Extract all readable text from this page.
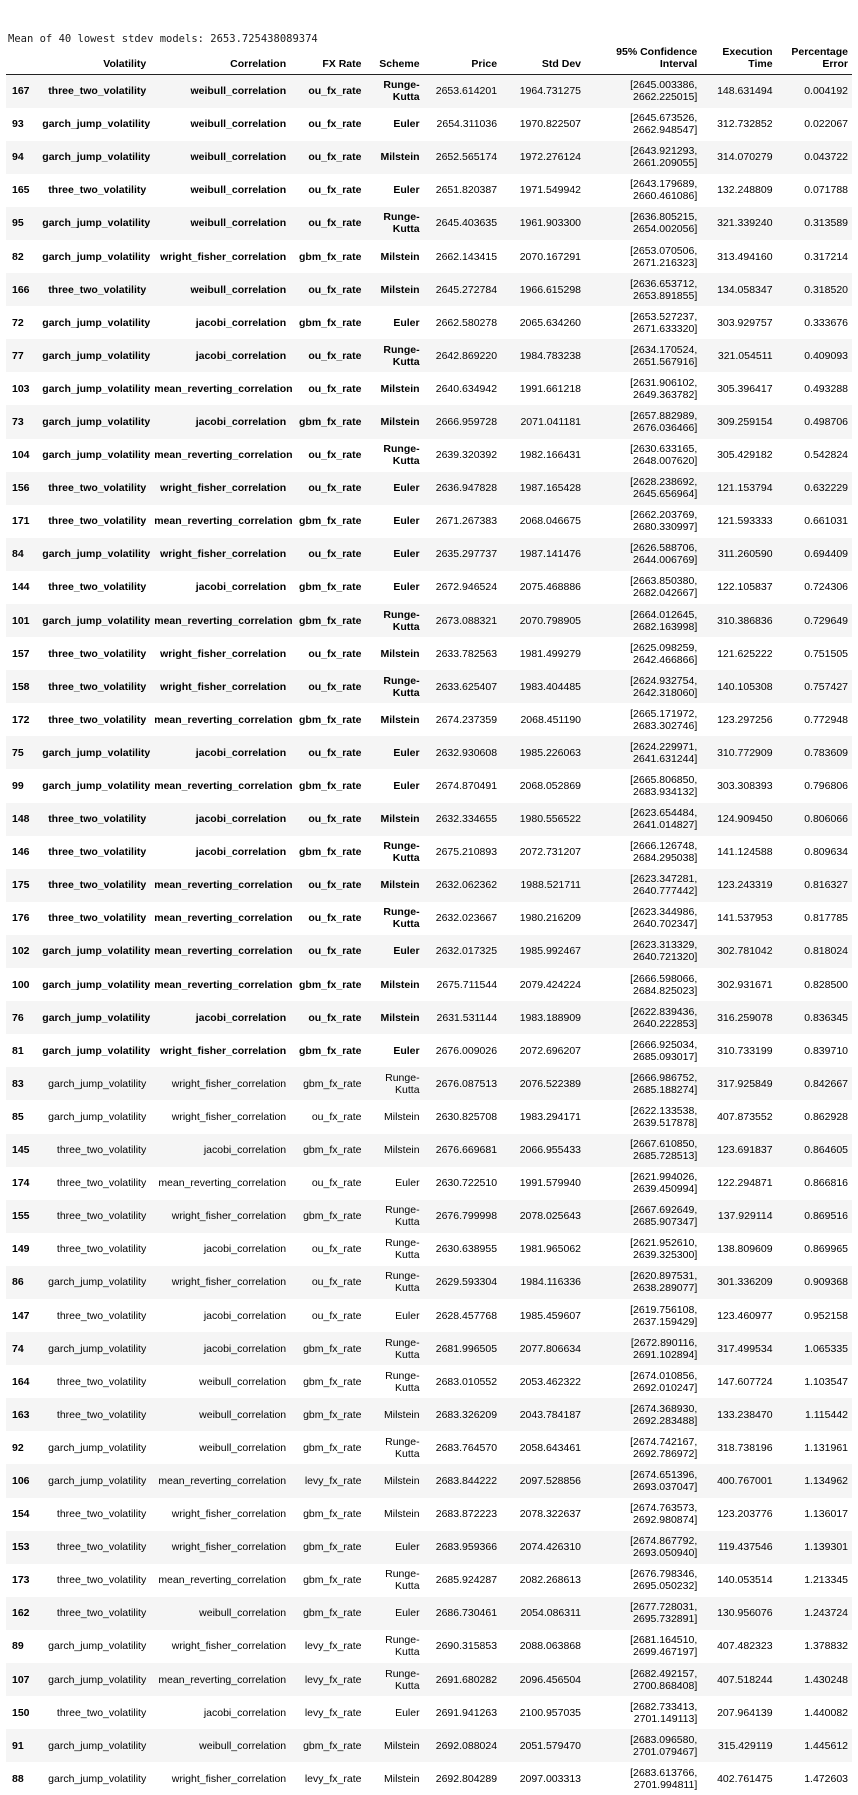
Mean of 40 lowest stdev models: 2653.725438089374

Top 30 Models for Case 1 Ordered by Percentage Error:

	Volatility	Correlation	FX Rate	Scheme	Price	Std Dev	95% Confidence Interval	Execution Time	Percentage Error
167	three_two_volatility	weibull_correlation	ou_fx_rate	Runge-Kutta	2653.614201	1964.731275	[2645.003386, 2662.225015]	148.631494	0.004192
93	garch_jump_volatility	weibull_correlation	ou_fx_rate	Euler	2654.311036	1970.822507	[2645.673526, 2662.948547]	312.732852	0.022067
94	garch_jump_volatility	weibull_correlation	ou_fx_rate	Milstein	2652.565174	1972.276124	[2643.921293, 2661.209055]	314.070279	0.043722
165	three_two_volatility	weibull_correlation	ou_fx_rate	Euler	2651.820387	1971.549942	[2643.179689, 2660.461086]	132.248809	0.071788
95	garch_jump_volatility	weibull_correlation	ou_fx_rate	Runge-Kutta	2645.403635	1961.903300	[2636.805215, 2654.002056]	321.339240	0.313589
82	garch_jump_volatility	wright_fisher_correlation	gbm_fx_rate	Milstein	2662.143415	2070.167291	[2653.070506, 2671.216323]	313.494160	0.317214
166	three_two_volatility	weibull_correlation	ou_fx_rate	Milstein	2645.272784	1966.615298	[2636.653712, 2653.891855]	134.058347	0.318520
72	garch_jump_volatility	jacobi_correlation	gbm_fx_rate	Euler	2662.580278	2065.634260	[2653.527237, 2671.633320]	303.929757	0.333676
77	garch_jump_volatility	jacobi_correlation	ou_fx_rate	Runge-Kutta	2642.869220	1984.783238	[2634.170524, 2651.567916]	321.054511	0.409093
103	garch_jump_volatility	mean_reverting_correlation	ou_fx_rate	Milstein	2640.634942	1991.661218	[2631.906102, 2649.363782]	305.396417	0.493288
73	garch_jump_volatility	jacobi_correlation	gbm_fx_rate	Milstein	2666.959728	2071.041181	[2657.882989, 2676.036466]	309.259154	0.498706
104	garch_jump_volatility	mean_reverting_correlation	ou_fx_rate	Runge-Kutta	2639.320392	1982.166431	[2630.633165, 2648.007620]	305.429182	0.542824
156	three_two_volatility	wright_fisher_correlation	ou_fx_rate	Euler	2636.947828	1987.165428	[2628.238692, 2645.656964]	121.153794	0.632229
171	three_two_volatility	mean_reverting_correlation	gbm_fx_rate	Euler	2671.267383	2068.046675	[2662.203769, 2680.330997]	121.593333	0.661031
84	garch_jump_volatility	wright_fisher_correlation	ou_fx_rate	Euler	2635.297737	1987.141476	[2626.588706, 2644.006769]	311.260590	0.694409
144	three_two_volatility	jacobi_correlation	gbm_fx_rate	Euler	2672.946524	2075.468886	[2663.850380, 2682.042667]	122.105837	0.724306
101	garch_jump_volatility	mean_reverting_correlation	gbm_fx_rate	Runge-Kutta	2673.088321	2070.798905	[2664.012645, 2682.163998]	310.386836	0.729649
157	three_two_volatility	wright_fisher_correlation	ou_fx_rate	Milstein	2633.782563	1981.499279	[2625.098259, 2642.466866]	121.625222	0.751505
158	three_two_volatility	wright_fisher_correlation	ou_fx_rate	Runge-Kutta	2633.625407	1983.404485	[2624.932754, 2642.318060]	140.105308	0.757427
172	three_two_volatility	mean_reverting_correlation	gbm_fx_rate	Milstein	2674.237359	2068.451190	[2665.171972, 2683.302746]	123.297256	0.772948
75	garch_jump_volatility	jacobi_correlation	ou_fx_rate	Euler	2632.930608	1985.226063	[2624.229971, 2641.631244]	310.772909	0.783609
99	garch_jump_volatility	mean_reverting_correlation	gbm_fx_rate	Euler	2674.870491	2068.052869	[2665.806850, 2683.934132]	303.308393	0.796806
148	three_two_volatility	jacobi_correlation	ou_fx_rate	Milstein	2632.334655	1980.556522	[2623.654484, 2641.014827]	124.909450	0.806066
146	three_two_volatility	jacobi_correlation	gbm_fx_rate	Runge-Kutta	2675.210893	2072.731207	[2666.126748, 2684.295038]	141.124588	0.809634
175	three_two_volatility	mean_reverting_correlation	ou_fx_rate	Milstein	2632.062362	1988.521711	[2623.347281, 2640.777442]	123.243319	0.816327
176	three_two_volatility	mean_reverting_correlation	ou_fx_rate	Runge-Kutta	2632.023667	1980.216209	[2623.344986, 2640.702347]	141.537953	0.817785
102	garch_jump_volatility	mean_reverting_correlation	ou_fx_rate	Euler	2632.017325	1985.992467	[2623.313329, 2640.721320]	302.781042	0.818024
100	garch_jump_volatility	mean_reverting_correlation	gbm_fx_rate	Milstein	2675.711544	2079.424224	[2666.598066, 2684.825023]	302.931671	0.828500
76	garch_jump_volatility	jacobi_correlation	ou_fx_rate	Milstein	2631.531144	1983.188909	[2622.839436, 2640.222853]	316.259078	0.836345
81	garch_jump_volatility	wright_fisher_correlation	gbm_fx_rate	Euler	2676.009026	2072.696207	[2666.925034, 2685.093017]	310.733199	0.839710
83	garch_jump_volatility	wright_fisher_correlation	gbm_fx_rate	Runge-Kutta	2676.087513	2076.522389	[2666.986752, 2685.188274]	317.925849	0.842667
85	garch_jump_volatility	wright_fisher_correlation	ou_fx_rate	Milstein	2630.825708	1983.294171	[2622.133538, 2639.517878]	407.873552	0.862928
145	three_two_volatility	jacobi_correlation	gbm_fx_rate	Milstein	2676.669681	2066.955433	[2667.610850, 2685.728513]	123.691837	0.864605
174	three_two_volatility	mean_reverting_correlation	ou_fx_rate	Euler	2630.722510	1991.579940	[2621.994026, 2639.450994]	122.294871	0.866816
155	three_two_volatility	wright_fisher_correlation	gbm_fx_rate	Runge-Kutta	2676.799998	2078.025643	[2667.692649, 2685.907347]	137.929114	0.869516
149	three_two_volatility	jacobi_correlation	ou_fx_rate	Runge-Kutta	2630.638955	1981.965062	[2621.952610, 2639.325300]	138.809609	0.869965
86	garch_jump_volatility	wright_fisher_correlation	ou_fx_rate	Runge-Kutta	2629.593304	1984.116336	[2620.897531, 2638.289077]	301.336209	0.909368
147	three_two_volatility	jacobi_correlation	ou_fx_rate	Euler	2628.457768	1985.459607	[2619.756108, 2637.159429]	123.460977	0.952158
74	garch_jump_volatility	jacobi_correlation	gbm_fx_rate	Runge-Kutta	2681.996505	2077.806634	[2672.890116, 2691.102894]	317.499534	1.065335
164	three_two_volatility	weibull_correlation	gbm_fx_rate	Runge-Kutta	2683.010552	2053.462322	[2674.010856, 2692.010247]	147.607724	1.103547
163	three_two_volatility	weibull_correlation	gbm_fx_rate	Milstein	2683.326209	2043.784187	[2674.368930, 2692.283488]	133.238470	1.115442
92	garch_jump_volatility	weibull_correlation	gbm_fx_rate	Runge-Kutta	2683.764570	2058.643461	[2674.742167, 2692.786972]	318.738196	1.131961
106	garch_jump_volatility	mean_reverting_correlation	levy_fx_rate	Milstein	2683.844222	2097.528856	[2674.651396, 2693.037047]	400.767001	1.134962
154	three_two_volatility	wright_fisher_correlation	gbm_fx_rate	Milstein	2683.872223	2078.322637	[2674.763573, 2692.980874]	123.203776	1.136017
153	three_two_volatility	wright_fisher_correlation	gbm_fx_rate	Euler	2683.959366	2074.426310	[2674.867792, 2693.050940]	119.437546	1.139301
173	three_two_volatility	mean_reverting_correlation	gbm_fx_rate	Runge-Kutta	2685.924287	2082.268613	[2676.798346, 2695.050232]	140.053514	1.213345
162	three_two_volatility	weibull_correlation	gbm_fx_rate	Euler	2686.730461	2054.086311	[2677.728031, 2695.732891]	130.956076	1.243724
89	garch_jump_volatility	wright_fisher_correlation	levy_fx_rate	Runge-Kutta	2690.315853	2088.063868	[2681.164510, 2699.467197]	407.482323	1.378832
107	garch_jump_volatility	mean_reverting_correlation	levy_fx_rate	Runge-Kutta	2691.680282	2096.456504	[2682.492157, 2700.868408]	407.518244	1.430248
150	three_two_volatility	jacobi_correlation	levy_fx_rate	Euler	2691.941263	2100.957035	[2682.733413, 2701.149113]	207.964139	1.440082
91	garch_jump_volatility	weibull_correlation	gbm_fx_rate	Milstein	2692.088024	2051.579470	[2683.096580, 2701.079467]	315.429119	1.445612
88	garch_jump_volatility	wright_fisher_correlation	levy_fx_rate	Milstein	2692.804289	2097.003313	[2683.613766, 2701.994811]	402.761475	1.472603
